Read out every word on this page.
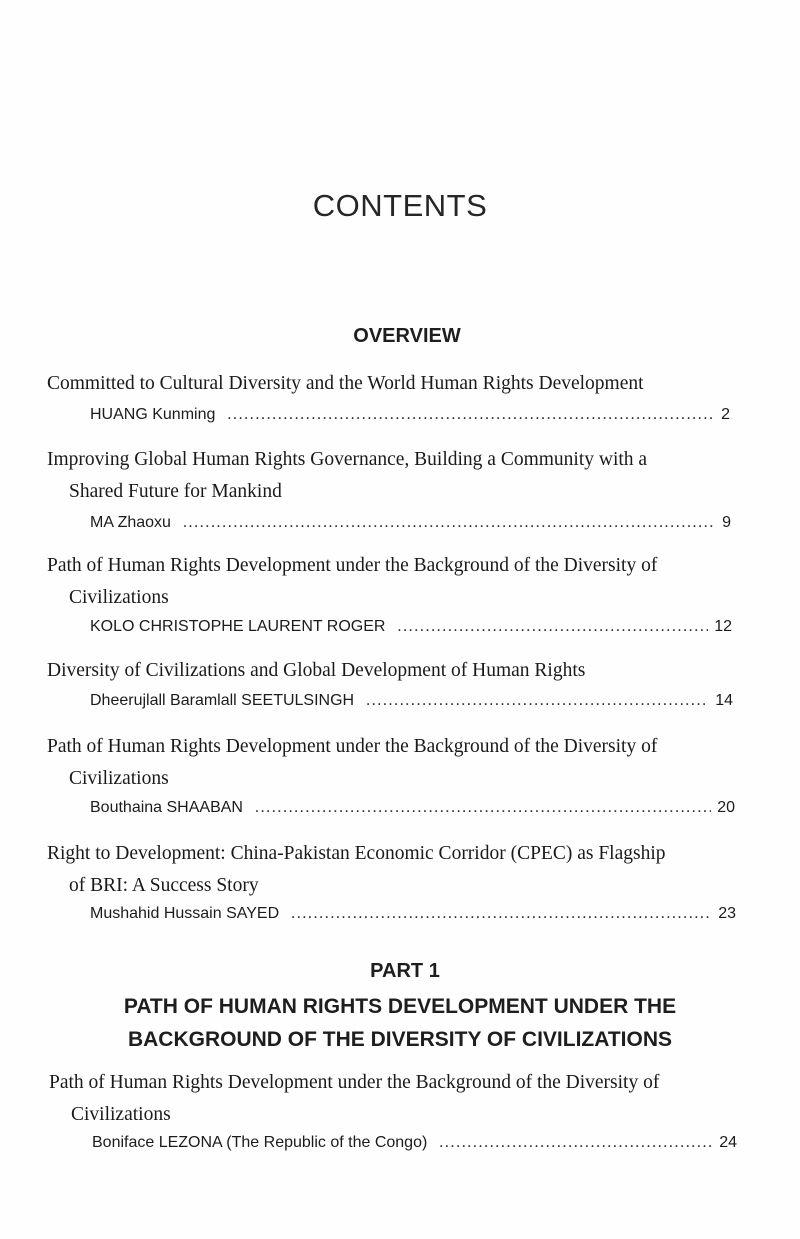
CONTENTS
OVERVIEW
Committed to Cultural Diversity and the World Human Rights Development
HUANG Kunming . . .	2
Improving Global Human Rights Governance, Building a Community with a
Shared Future for Mankind
MA Zhaoxu . . .	9
Path of Human Rights Development under the Background of the Diversity of
Civilizations
KOLO CHRISTOPHE LAURENT ROGER . . .	12
Diversity of Civilizations and Global Development of Human Rights
Dheerujlall Baramlall SEETULSINGH . . .	14
Path of Human Rights Development under the Background of the Diversity of
Civilizations
Bouthaina SHAABAN . . .	20
Right to Development: China-Pakistan Economic Corridor (CPEC) as Flagship
of BRI: A Success Story
Mushahid Hussain SAYED . . .	23
PART 1
PATH OF HUMAN RIGHTS DEVELOPMENT UNDER THE
BACKGROUND OF THE DIVERSITY OF CIVILIZATIONS
Path of Human Rights Development under the Background of the Diversity of
Civilizations
Boniface LEZONA (The Republic of the Congo) . . .	24
